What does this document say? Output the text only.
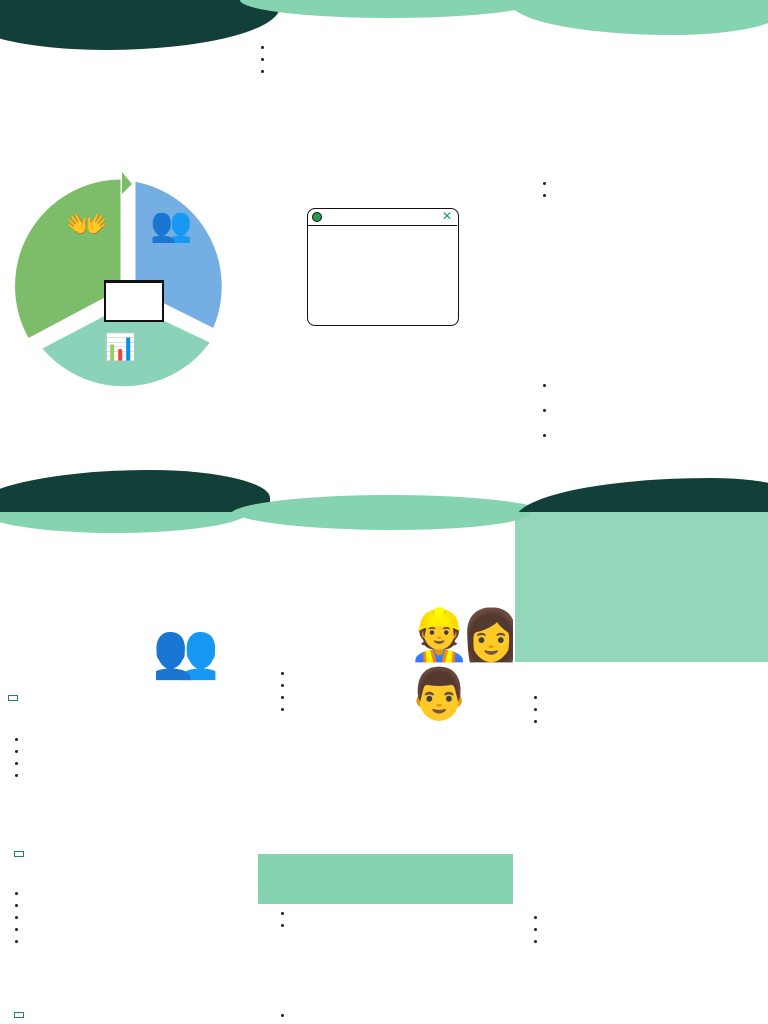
👐 👥
📊

•

•

•
✕

•
•
•
•
•
👥
•
•
•
•
•
•
•
•
•	👷👩👨
•
•
•
•
•
•

•

•
•
•

•
•
•
